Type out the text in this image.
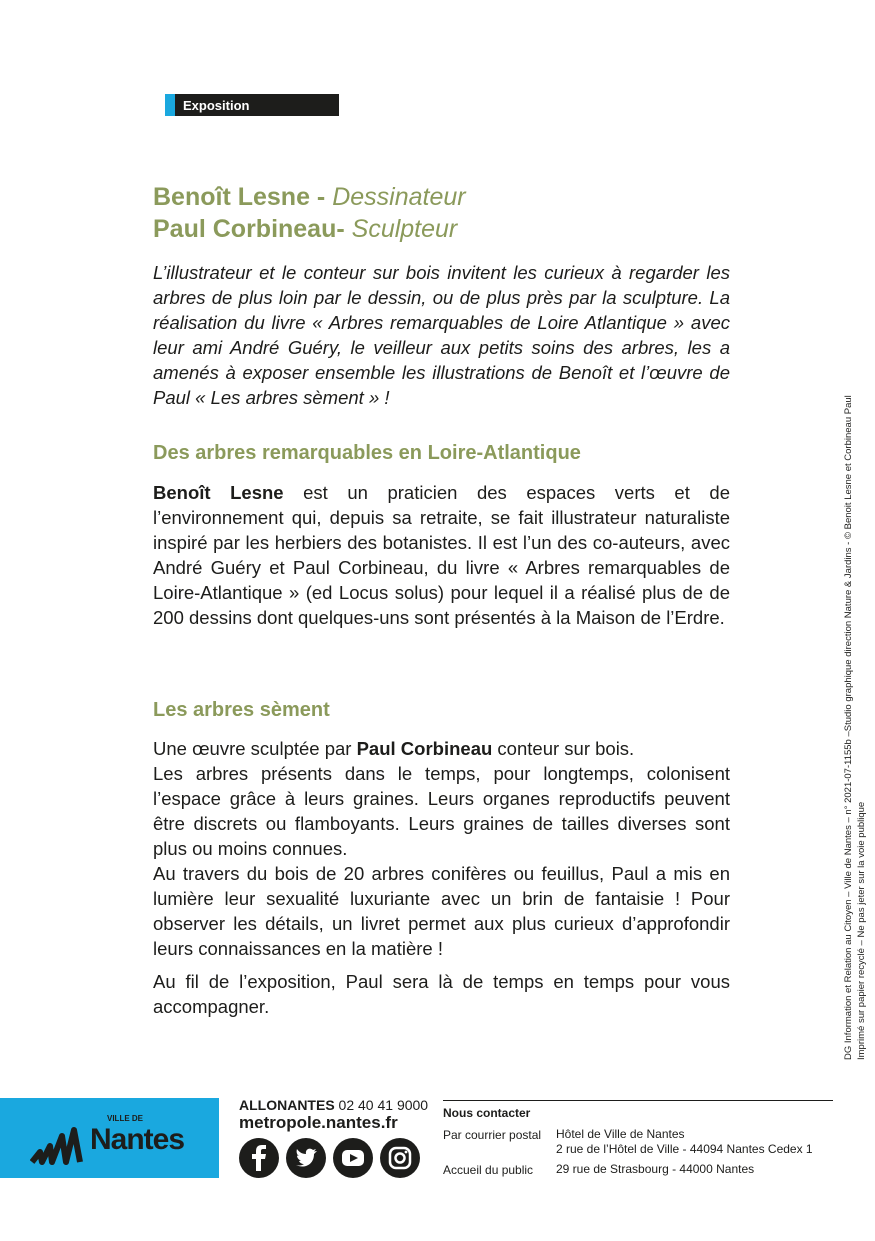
Exposition
Benoît Lesne - Dessinateur
Paul Corbineau- Sculpteur
L’illustrateur et le conteur sur bois invitent les curieux à regarder les arbres de plus loin par le dessin, ou de plus près par la sculpture. La réalisation du livre « Arbres remarquables de Loire Atlantique » avec leur ami André Guéry, le veilleur aux petits soins des arbres, les a amenés à exposer ensemble les illustrations de Benoît et l’œuvre de Paul « Les arbres sèment » !
Des arbres remarquables en Loire-Atlantique

Benoît Lesne est un praticien des espaces verts et de l’environnement qui, depuis sa retraite, se fait illustrateur naturaliste inspiré par les herbiers des botanistes. Il est l’un des co-auteurs, avec André Guéry et Paul Corbineau, du livre « Arbres remarquables de Loire-Atlantique » (ed Locus solus) pour lequel il a réalisé plus de de 200 dessins dont quelques-uns sont présentés à la Maison de l’Erdre.

Les arbres sèment

Une œuvre sculptée par Paul Corbineau conteur sur bois.

Les arbres présents dans le temps, pour longtemps, colonisent l’espace grâce à leurs graines. Leurs organes reproductifs peuvent être discrets ou flamboyants. Leurs graines de tailles diverses sont plus ou moins connues.

Au travers du bois de 20 arbres conifères ou feuillus, Paul a mis en lumière leur sexualité luxuriante avec un brin de fantaisie ! Pour observer les détails, un livret permet aux plus curieux d’approfondir leurs connaissances en la matière !

Au fil de l’exposition, Paul sera là de temps en temps pour vous accompagner.	DG Information et Relation au Citoyen – Ville de Nantes – n° 2021-07-1155b –Studio graphique direction Nature & Jardins - © Benoit Lesne et Corbineau Paul Imprimé sur papier recyclé – Ne pas jeter sur la voie publique
VILLE DE
Nantes
ALLONANTES 02 40 41 9000
metropole.nantes.fr	Nous contacter
Par courrier postal Hôtel de Ville de Nantes
2 rue de l’Hôtel de Ville - 44094 Nantes Cedex 1
Accueil du public 29 rue de Strasbourg - 44000 Nantes
